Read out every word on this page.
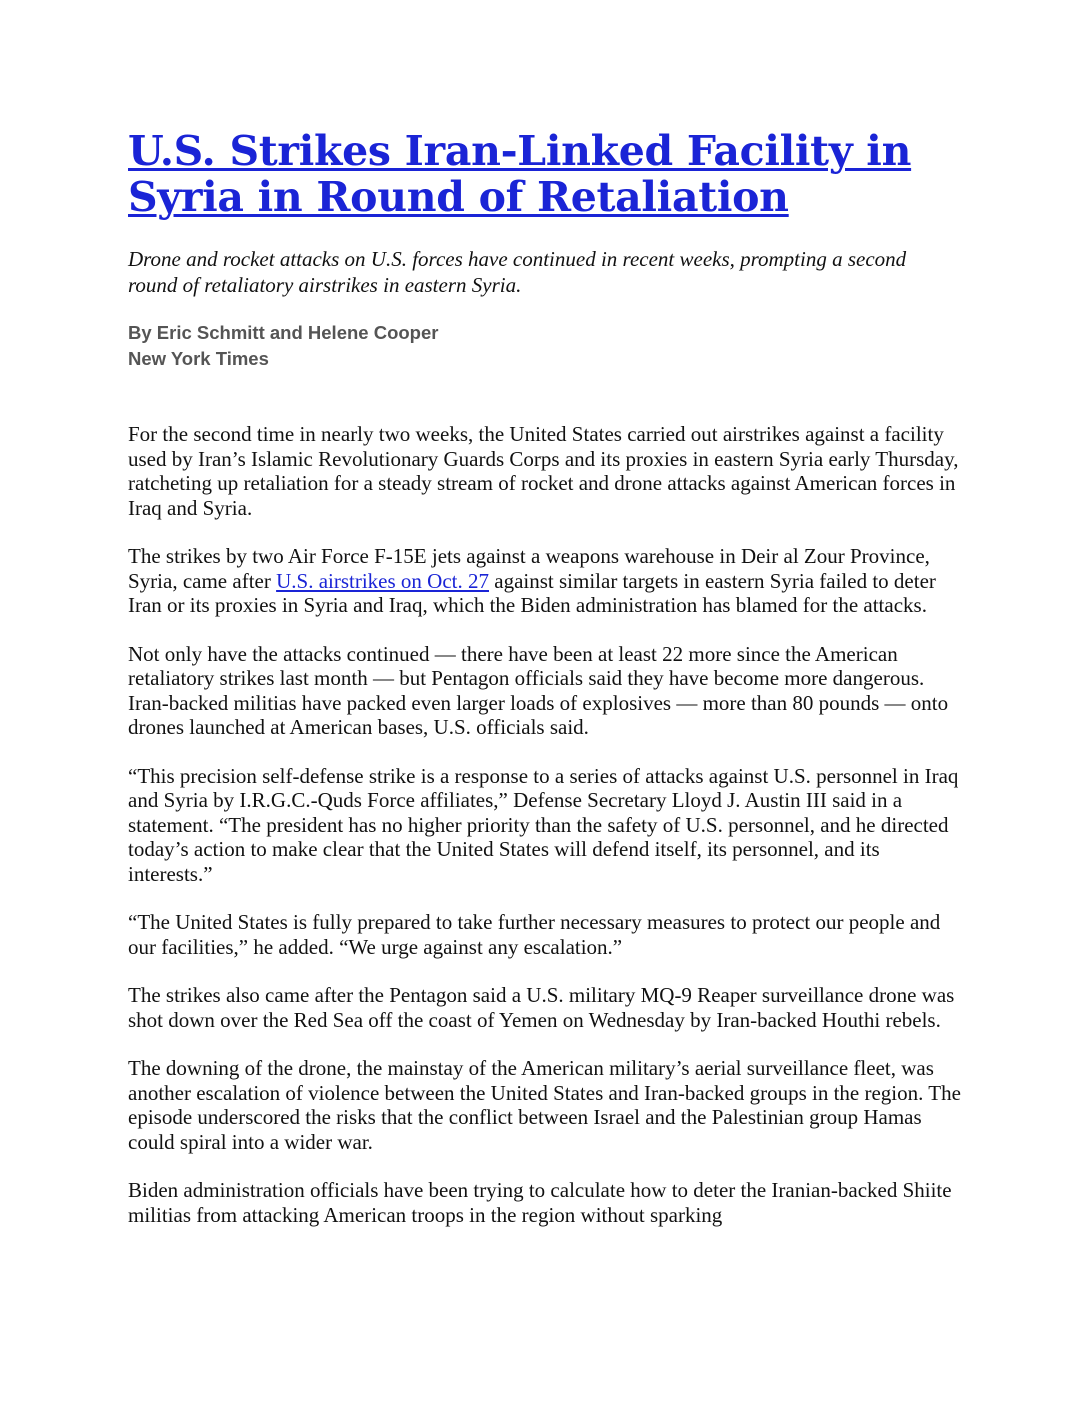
U.S. Strikes Iran-Linked Facility in Syria in Round of Retaliation

Drone and rocket attacks on U.S. forces have continued in recent weeks, prompting a second round of retaliatory airstrikes in eastern Syria.

By Eric Schmitt and Helene Cooper
New York Times

For the second time in nearly two weeks, the United States carried out airstrikes against a facility used by Iran’s Islamic Revolutionary Guards Corps and its proxies in eastern Syria early Thursday, ratcheting up retaliation for a steady stream of rocket and drone attacks against American forces in Iraq and Syria.

The strikes by two Air Force F-15E jets against a weapons warehouse in Deir al Zour Province, Syria, came after U.S. airstrikes on Oct. 27 against similar targets in eastern Syria failed to deter Iran or its proxies in Syria and Iraq, which the Biden administration has blamed for the attacks.

Not only have the attacks continued — there have been at least 22 more since the American retaliatory strikes last month — but Pentagon officials said they have become more dangerous. Iran-backed militias have packed even larger loads of explosives — more than 80 pounds — onto drones launched at American bases, U.S. officials said.

“This precision self-defense strike is a response to a series of attacks against U.S. personnel in Iraq and Syria by I.R.G.C.-Quds Force affiliates,” Defense Secretary Lloyd J. Austin III said in a statement. “The president has no higher priority than the safety of U.S. personnel, and he directed today’s action to make clear that the United States will defend itself, its personnel, and its interests.”

“The United States is fully prepared to take further necessary measures to protect our people and our facilities,” he added. “We urge against any escalation.”

The strikes also came after the Pentagon said a U.S. military MQ-9 Reaper surveillance drone was shot down over the Red Sea off the coast of Yemen on Wednesday by Iran-backed Houthi rebels.

The downing of the drone, the mainstay of the American military’s aerial surveillance fleet, was another escalation of violence between the United States and Iran-backed groups in the region. The episode underscored the risks that the conflict between Israel and the Palestinian group Hamas could spiral into a wider war.

Biden administration officials have been trying to calculate how to deter the Iranian-backed Shiite militias from attacking American troops in the region without sparking
